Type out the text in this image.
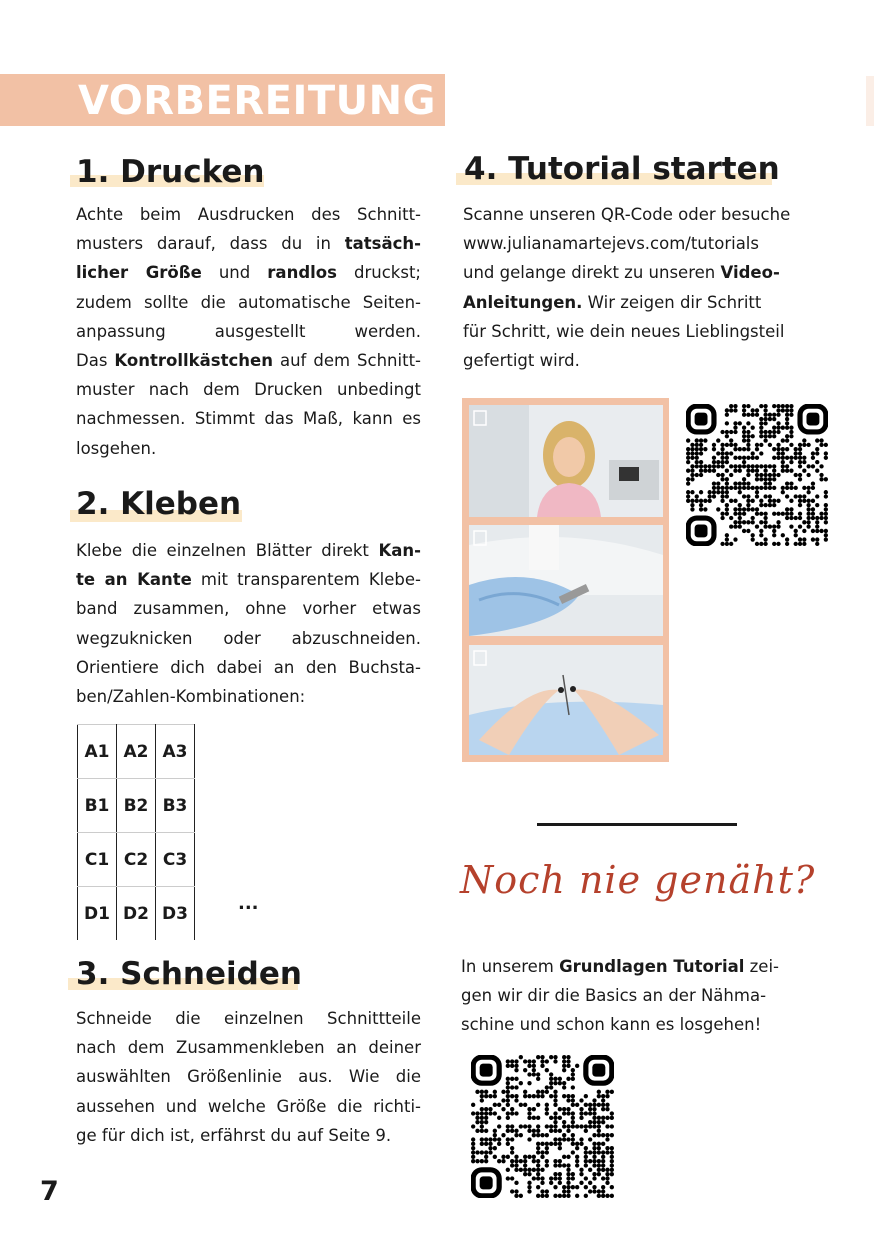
VORBEREITUNG
1. Drucken
Achte beim Ausdrucken des Schnitt-
musters darauf, dass du in tatsäch-
licher Größe und randlos druckst;
zudem sollte die automatische Seiten-
anpassung ausgestellt werden.
Das Kontrollkästchen auf dem Schnitt-
muster nach dem Drucken unbedingt
nachmessen. Stimmt das Maß, kann es
losgehen.
2. Kleben
Klebe die einzelnen Blätter direkt Kan-
te an Kante mit transparentem Klebe-
band zusammen, ohne vorher etwas
wegzuknicken oder abzuschneiden.
Orientiere dich dabei an den Buchsta-
ben/Zahlen-Kombinationen:
A1	A2	A3
B1	B2	B3
C1	C2	C3
D1	D2	D3	...
3. Schneiden
Schneide die einzelnen Schnittteile
nach dem Zusammenkleben an deiner
auswählten Größenlinie aus. Wie die
aussehen und welche Größe die richti-
ge für dich ist, erfährst du auf Seite 9.
4. Tutorial starten
Scanne unseren QR-Code oder besuche
www.julianamartejevs.com/tutorials
und gelange direkt zu unseren Video-
Anleitungen. Wir zeigen dir Schritt
für Schritt, wie dein neues Lieblingsteil
gefertigt wird.
Noch nie genäht?
In unserem Grundlagen Tutorial zei-
gen wir dir die Basics an der Nähma-
schine und schon kann es losgehen!
7
